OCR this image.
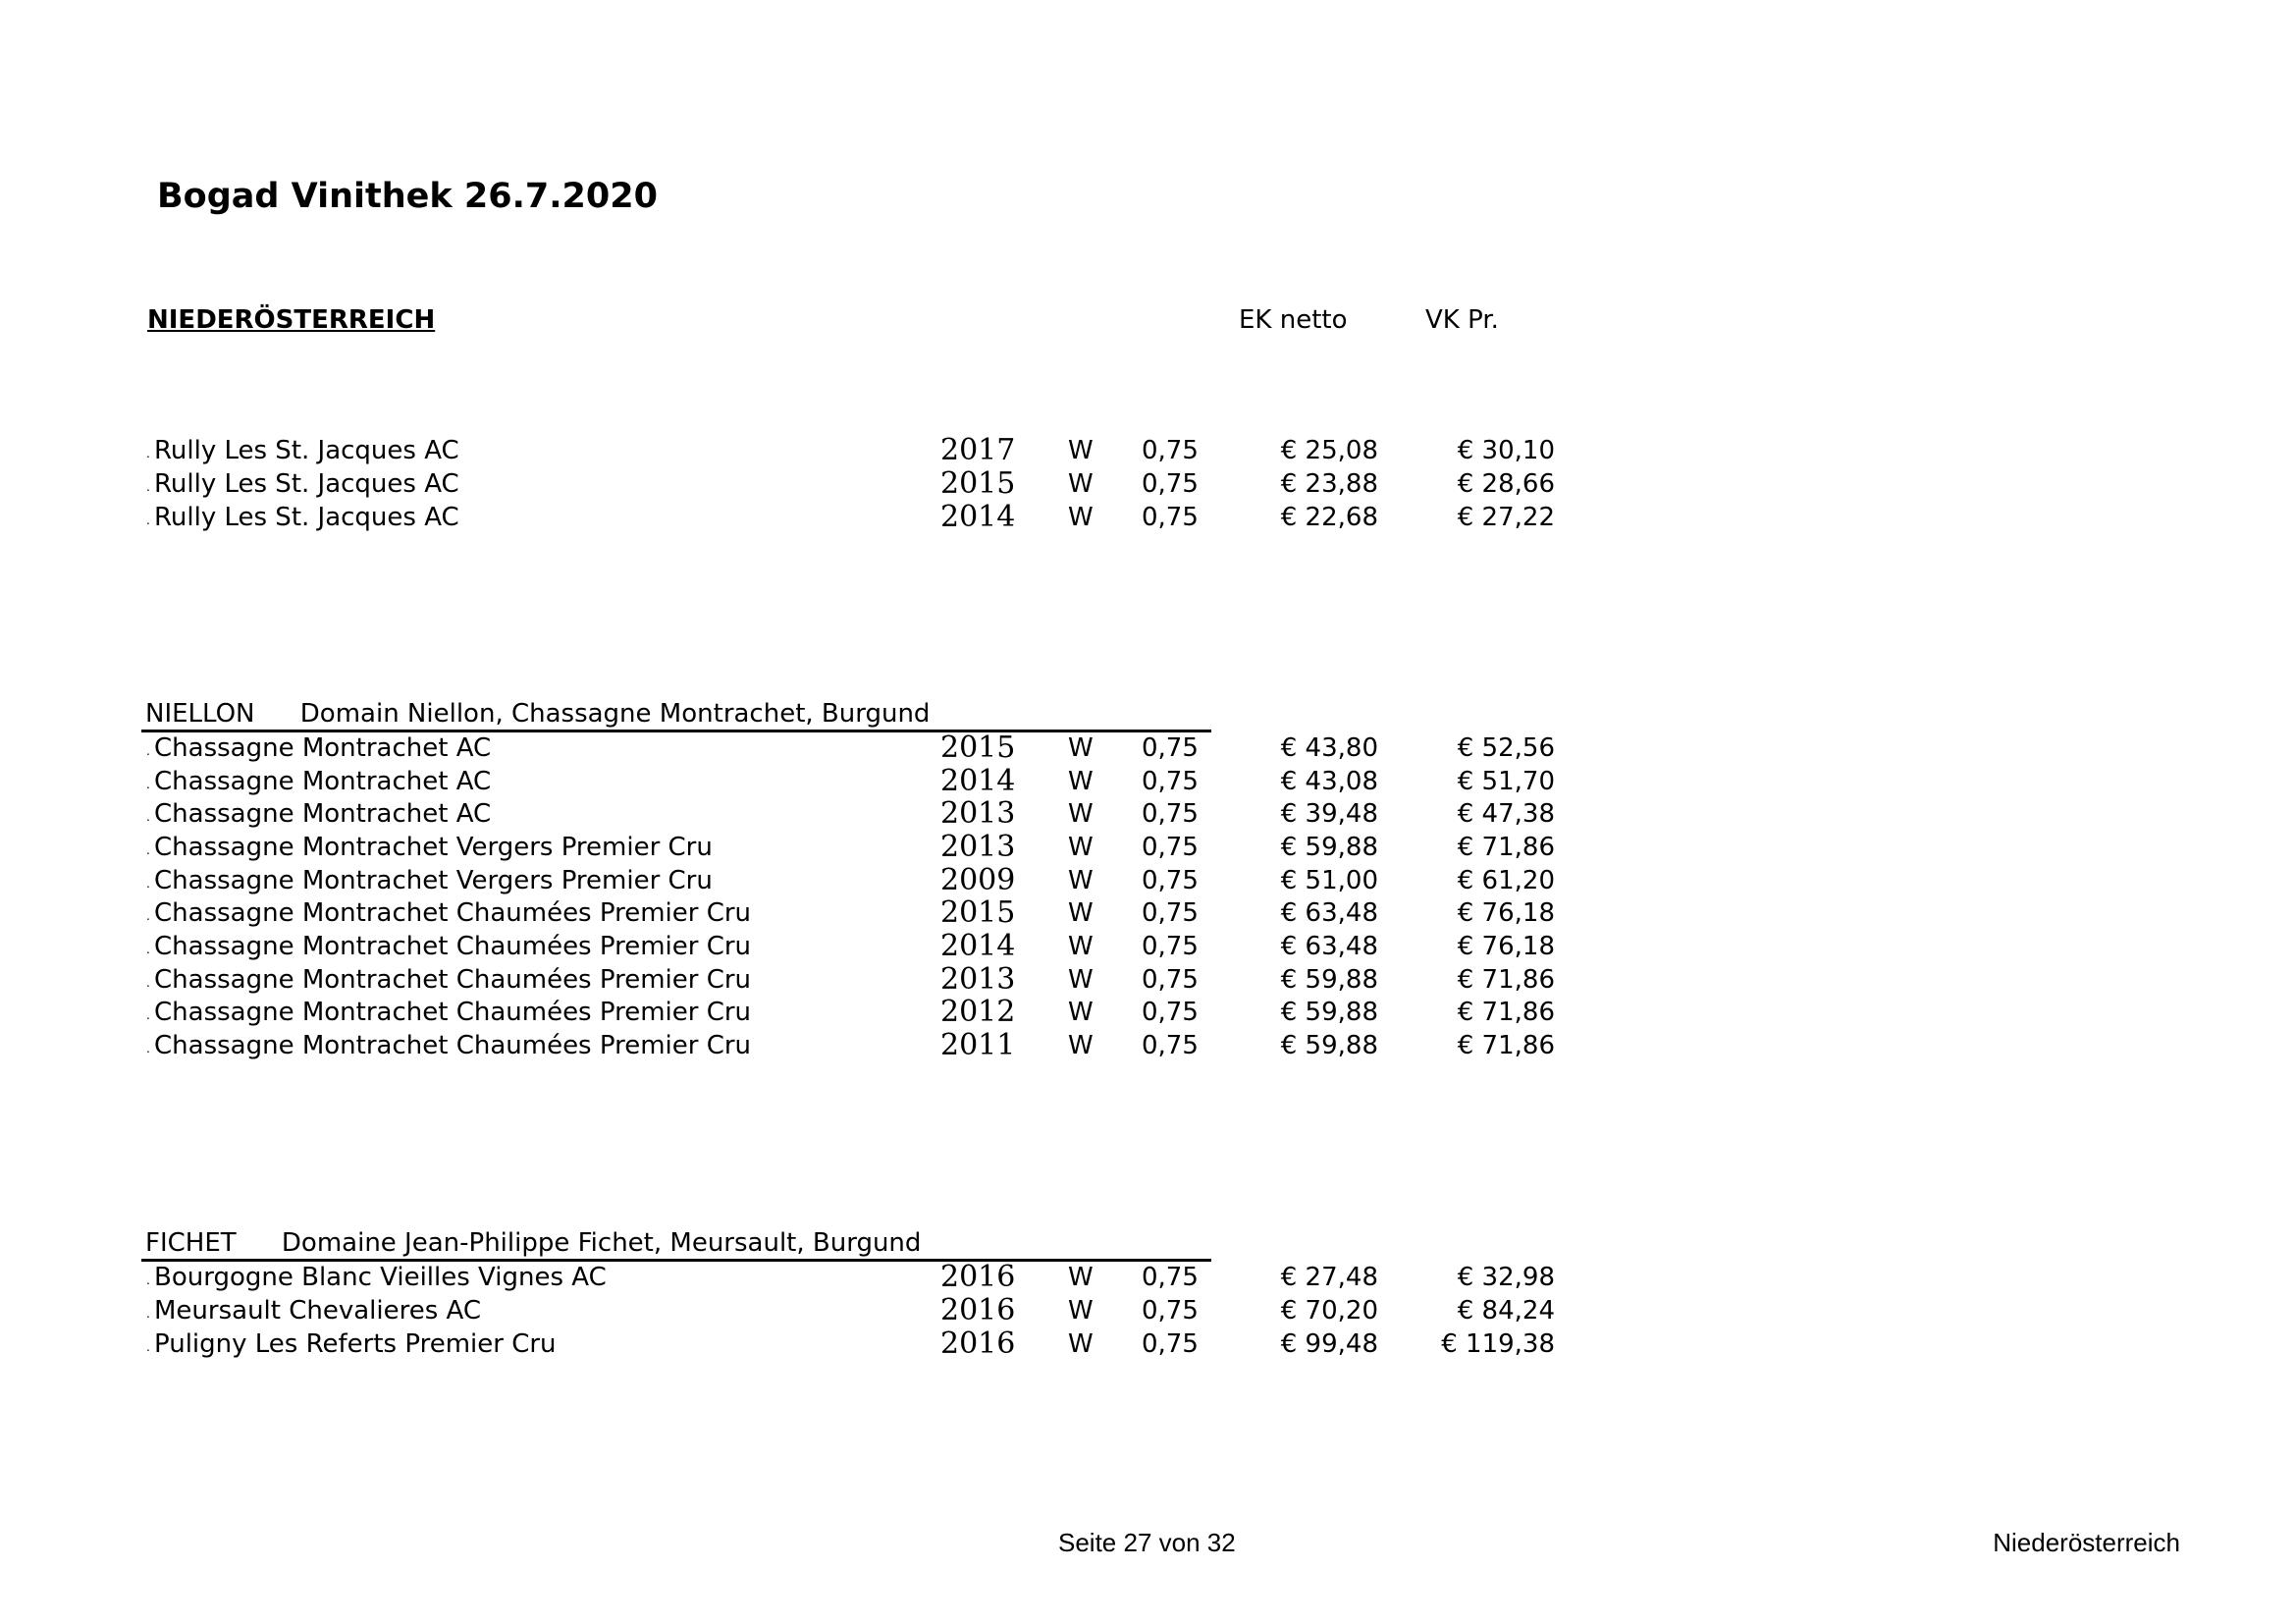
Bogad Vinithek 26.7.2020
NIEDERÖSTERREICH	EK netto	VK Pr.
. Rully Les St. Jacques AC	2017 W 0,75	€ 25,08	€ 30,10
. Rully Les St. Jacques AC	2015 W 0,75	€ 23,88	€ 28,66
. Rully Les St. Jacques AC	2014 W 0,75	€ 22,68	€ 27,22
NIELLON Domain Niellon, Chassagne Montrachet, Burgund
. Chassagne Montrachet AC	2015 W 0,75	€ 43,80	€ 52,56
. Chassagne Montrachet AC	2014 W 0,75	€ 43,08	€ 51,70
. Chassagne Montrachet AC	2013 W 0,75	€ 39,48	€ 47,38
. Chassagne Montrachet Vergers Premier Cru	2013 W 0,75	€ 59,88	€ 71,86
. Chassagne Montrachet Vergers Premier Cru	2009 W 0,75	€ 51,00	€ 61,20
. Chassagne Montrachet Chaumées Premier Cru	2015 W 0,75	€ 63,48	€ 76,18
. Chassagne Montrachet Chaumées Premier Cru	2014 W 0,75	€ 63,48	€ 76,18
. Chassagne Montrachet Chaumées Premier Cru	2013 W 0,75	€ 59,88	€ 71,86
. Chassagne Montrachet Chaumées Premier Cru	2012 W 0,75	€ 59,88	€ 71,86
. Chassagne Montrachet Chaumées Premier Cru	2011 W 0,75	€ 59,88	€ 71,86
FICHET Domaine Jean-Philippe Fichet, Meursault, Burgund
. Bourgogne Blanc Vieilles Vignes AC	2016 W 0,75	€ 27,48	€ 32,98
. Meursault Chevalieres AC	2016 W 0,75	€ 70,20	€ 84,24
. Puligny Les Referts Premier Cru	2016 W 0,75	€ 99,48 € 119,38
Seite 27 von 32	Niederösterreich
